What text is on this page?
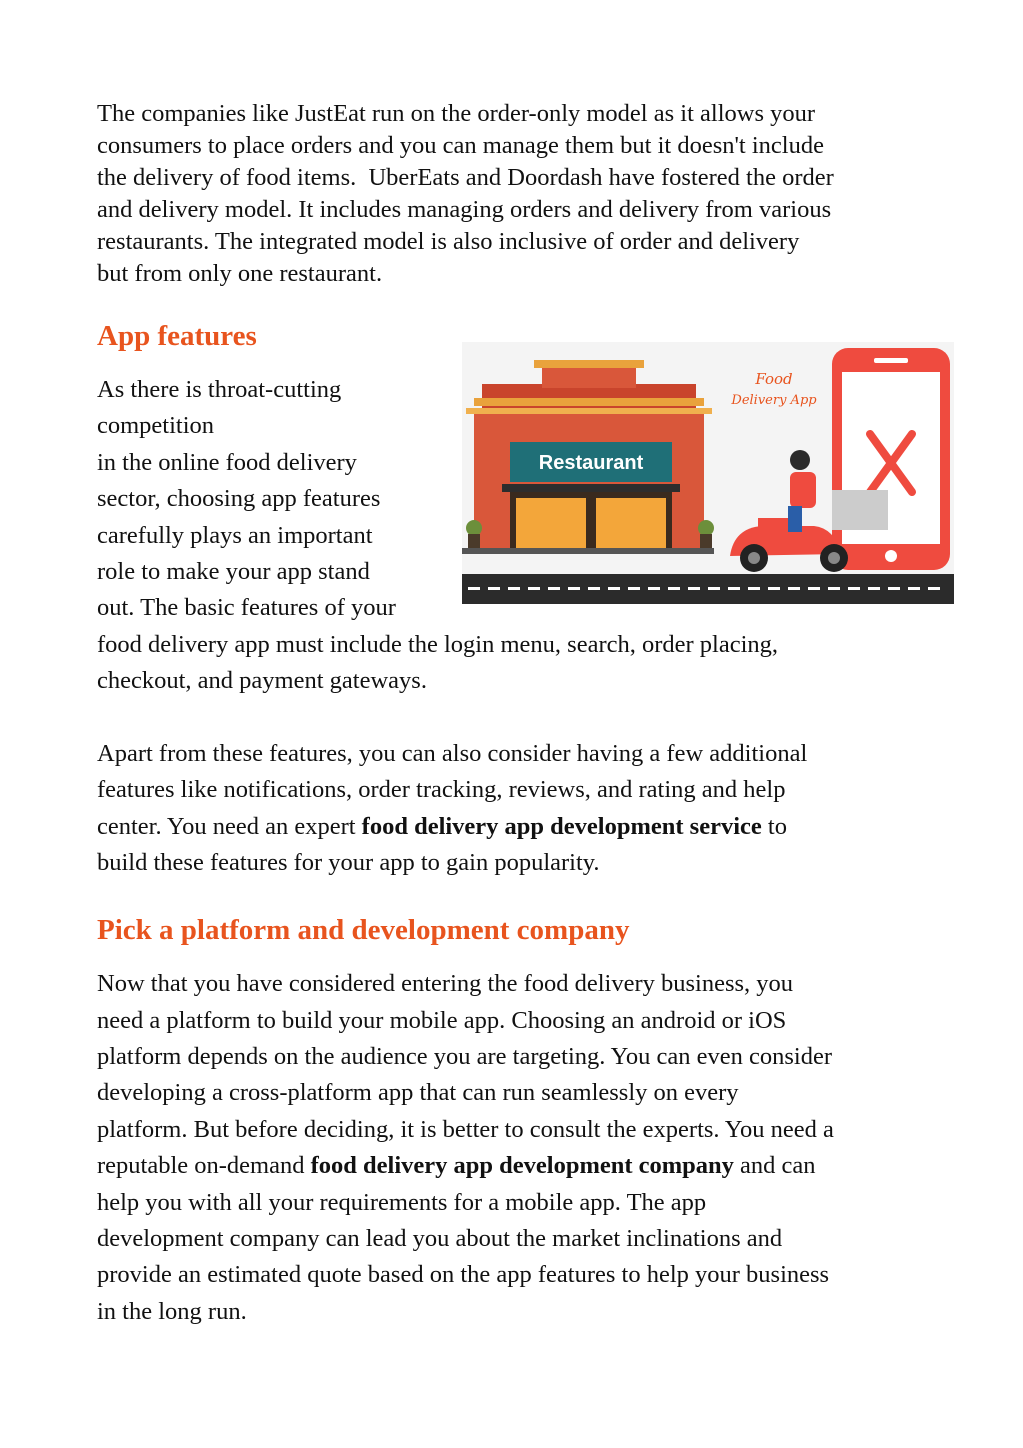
The companies like JustEat run on the order-only model as it allows your

consumers to place orders and you can manage them but it doesn't include

the delivery of food items.  UberEats and Doordash have fostered the order

and delivery model. It includes managing orders and delivery from various

restaurants. The integrated model is also inclusive of order and delivery

but from only one restaurant.

App features

As there is throat-cutting

competition

in the online food delivery

sector, choosing app features

carefully plays an important

role to make your app stand

out. The basic features of your

food delivery app must include the login menu, search, order placing,

checkout, and payment gateways.

Restaurant
Food
Delivery App

Apart from these features, you can also consider having a few additional

features like notifications, order tracking, reviews, and rating and help

center. You need an expert food delivery app development service to

build these features for your app to gain popularity.

Pick a platform and development company

Now that you have considered entering the food delivery business, you

need a platform to build your mobile app. Choosing an android or iOS

platform depends on the audience you are targeting. You can even consider

developing a cross-platform app that can run seamlessly on every

platform. But before deciding, it is better to consult the experts. You need a

reputable on-demand food delivery app development company and can

help you with all your requirements for a mobile app. The app

development company can lead you about the market inclinations and

provide an estimated quote based on the app features to help your business

in the long run.
